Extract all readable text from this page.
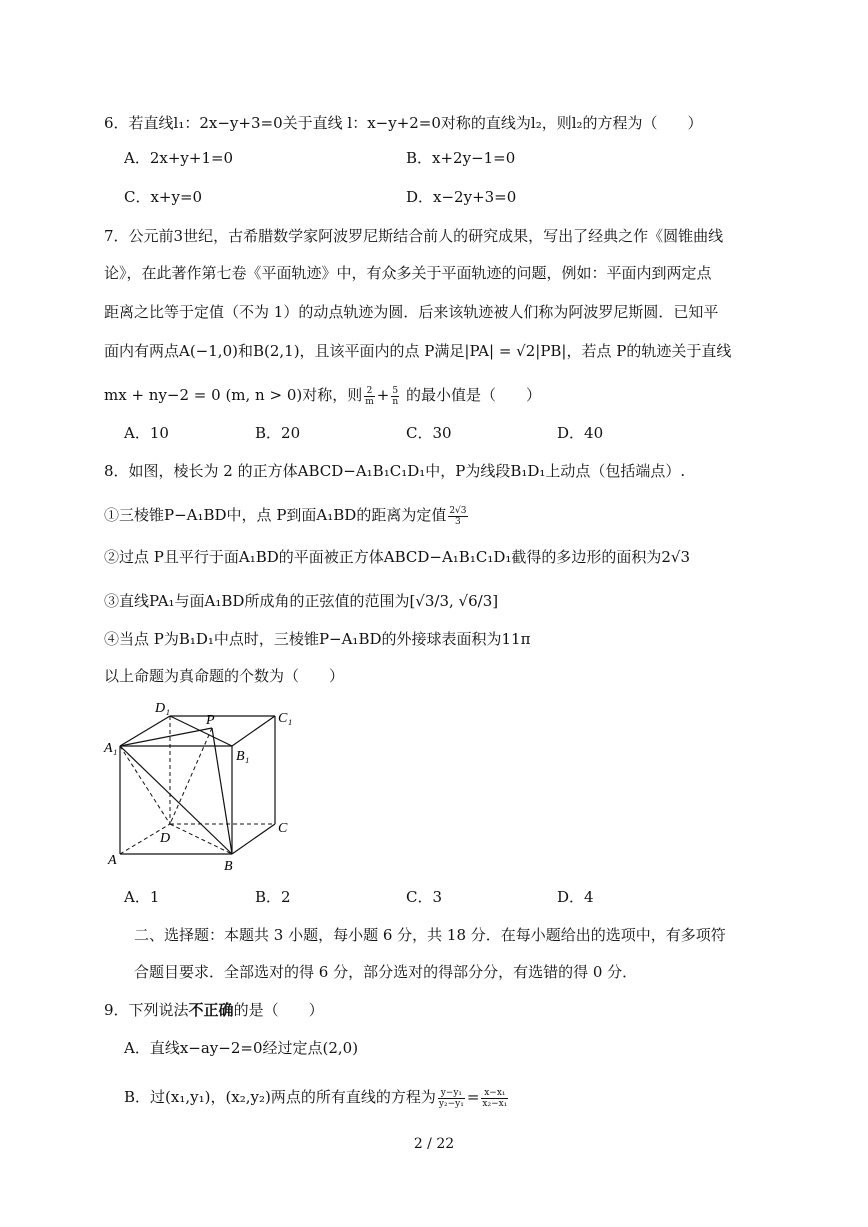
6．若直线l₁：2x−y+3=0关于直线 l：x−y+2=0对称的直线为l₂，则l₂的方程为（　　）
A．2x+y+1=0	B．x+2y−1=0
C．x+y=0	D．x−2y+3=0
7．公元前3世纪，古希腊数学家阿波罗尼斯结合前人的研究成果，写出了经典之作《圆锥曲线
论》，在此著作第七卷《平面轨迹》中，有众多关于平面轨迹的问题，例如：平面内到两定点
距离之比等于定值（不为 1）的动点轨迹为圆．后来该轨迹被人们称为阿波罗尼斯圆．已知平
面内有两点A(−1,0)和B(2,1)，且该平面内的点 P满足|PA| = √2|PB|，若点 P的轨迹关于直线
mx + ny−2 = 0 (m, n > 0)对称，则 $\frac{2}{m} + \frac{5}{n}$ 的最小值是（　　）
A．10	B．20	C．30	D．40
8．如图，棱长为 2 的正方体ABCD−A₁B₁C₁D₁中，P为线段B₁D₁上动点（包括端点）.
①三棱锥P−A₁BD中，点 P到面A₁BD的距离为定值 $\frac{2√3}{3}$
②过点 P且平行于面A₁BD的平面被正方体ABCD−A₁B₁C₁D₁截得的多边形的面积为2√3
③直线PA₁与面A₁BD所成角的正弦值的范围为[√3/3, √6/3]
④当点 P为B₁D₁中点时，三棱锥P−A₁BD的外接球表面积为11π
以上命题为真命题的个数为（　　）
D₁
P	C₁
A₁
B₁
D
C
A	B
A．1	B．2	C．3	D．4
二、选择题：本题共 3 小题，每小题 6 分，共 18 分．在每小题给出的选项中，有多项符
合题目要求．全部选对的得 6 分，部分选对的得部分分，有选错的得 0 分．
9．下列说法不正确的是（　　）
A．直线x−ay−2=0经过定点(2,0)
B．过(x₁,y₁)，(x₂,y₂)两点的所有直线的方程为 $\frac{\text{y−y₁}}{\text{y₂−y₁}} = \frac{\text{x−x₁}}{\text{x₂−x₁}}$
2 / 22
